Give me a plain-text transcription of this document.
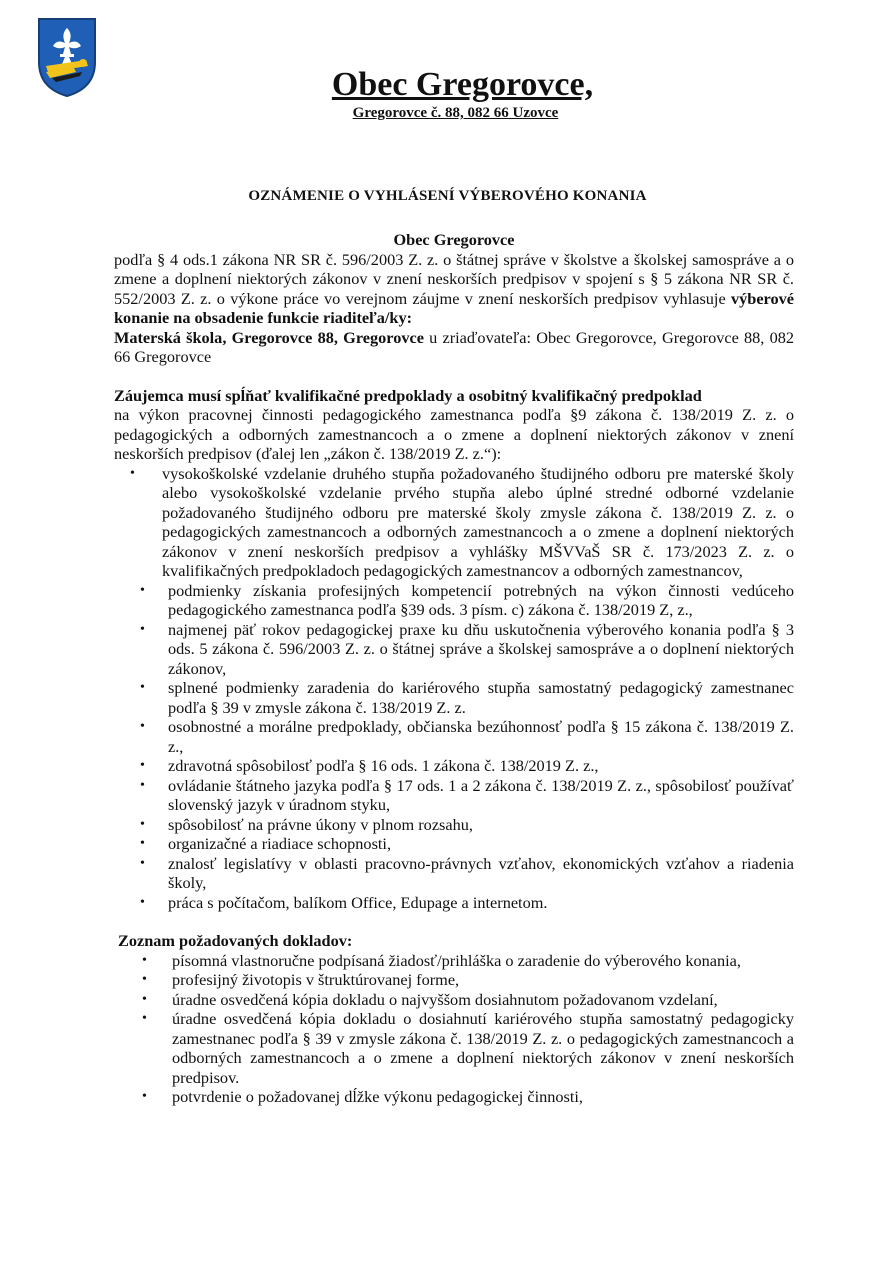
Obec Gregorovce,
Gregorovce č. 88, 082 66 Uzovce
OZNÁMENIE O VYHLÁSENÍ VÝBEROVÉHO KONANIA
Obec Gregorovce
podľa § 4 ods.1 zákona NR SR č. 596/2003 Z. z. o štátnej správe v školstve a školskej samospráve a o zmene a doplnení niektorých zákonov v znení neskorších predpisov v spojení s § 5 zákona NR SR č. 552/2003 Z. z. o výkone práce vo verejnom záujme v znení neskorších predpisov vyhlasuje výberové konanie na obsadenie funkcie riaditeľa/ky:
Materská škola, Gregorovce 88, Gregorovce u zriaďovateľa: Obec Gregorovce, Gregorovce 88, 082 66 Gregorovce
Záujemca musí spĺňať kvalifikačné predpoklady a osobitný kvalifikačný predpoklad
na výkon pracovnej činnosti pedagogického zamestnanca podľa §9 zákona č. 138/2019 Z. z. o pedagogických a odborných zamestnancoch a o zmene a doplnení niektorých zákonov v znení neskorších predpisov (ďalej len „zákon č. 138/2019 Z. z.“):
• vysokoškolské vzdelanie druhého stupňa požadovaného študijného odboru pre materské školy alebo vysokoškolské vzdelanie prvého stupňa alebo úplné stredné odborné vzdelanie požadovaného študijného odboru pre materské školy zmysle zákona č. 138/2019 Z. z. o pedagogických zamestnancoch a odborných zamestnancoch a o zmene a doplnení niektorých zákonov v znení neskorších predpisov a vyhlášky MŠVVaŠ SR č. 173/2023 Z. z. o kvalifikačných predpokladoch pedagogických zamestnancov a odborných zamestnancov,
• podmienky získania profesijných kompetencií potrebných na výkon činnosti vedúceho pedagogického zamestnanca podľa §39 ods. 3 písm. c) zákona č. 138/2019 Z, z.,
• najmenej päť rokov pedagogickej praxe ku dňu uskutočnenia výberového konania podľa § 3 ods. 5 zákona č. 596/2003 Z. z. o štátnej správe a školskej samospráve a o doplnení niektorých zákonov,
• splnené podmienky zaradenia do kariérového stupňa samostatný pedagogický zamestnanec podľa § 39 v zmysle zákona č. 138/2019 Z. z.
• osobnostné a morálne predpoklady, občianska bezúhonnosť podľa § 15 zákona č. 138/2019 Z. z.,
• zdravotná spôsobilosť podľa § 16 ods. 1 zákona č. 138/2019 Z. z.,
• ovládanie štátneho jazyka podľa § 17 ods. 1 a 2 zákona č. 138/2019 Z. z., spôsobilosť používať slovenský jazyk v úradnom styku,
• spôsobilosť na právne úkony v plnom rozsahu,
• organizačné a riadiace schopnosti,
• znalosť legislatívy v oblasti pracovno-právnych vzťahov, ekonomických vzťahov a riadenia školy,
• práca s počítačom, balíkom Office, Edupage a internetom.
Zoznam požadovaných dokladov:
• písomná vlastnoručne podpísaná žiadosť/prihláška o zaradenie do výberového konania,
• profesijný životopis v štruktúrovanej forme,
• úradne osvedčená kópia dokladu o najvyššom dosiahnutom požadovanom vzdelaní,
• úradne osvedčená kópia dokladu o dosiahnutí kariérového stupňa samostatný pedagogicky zamestnanec podľa § 39 v zmysle zákona č. 138/2019 Z. z. o pedagogických zamestnancoch a odborných zamestnancoch a o zmene a doplnení niektorých zákonov v znení neskorších predpisov.
• potvrdenie o požadovanej dĺžke výkonu pedagogickej činnosti,
